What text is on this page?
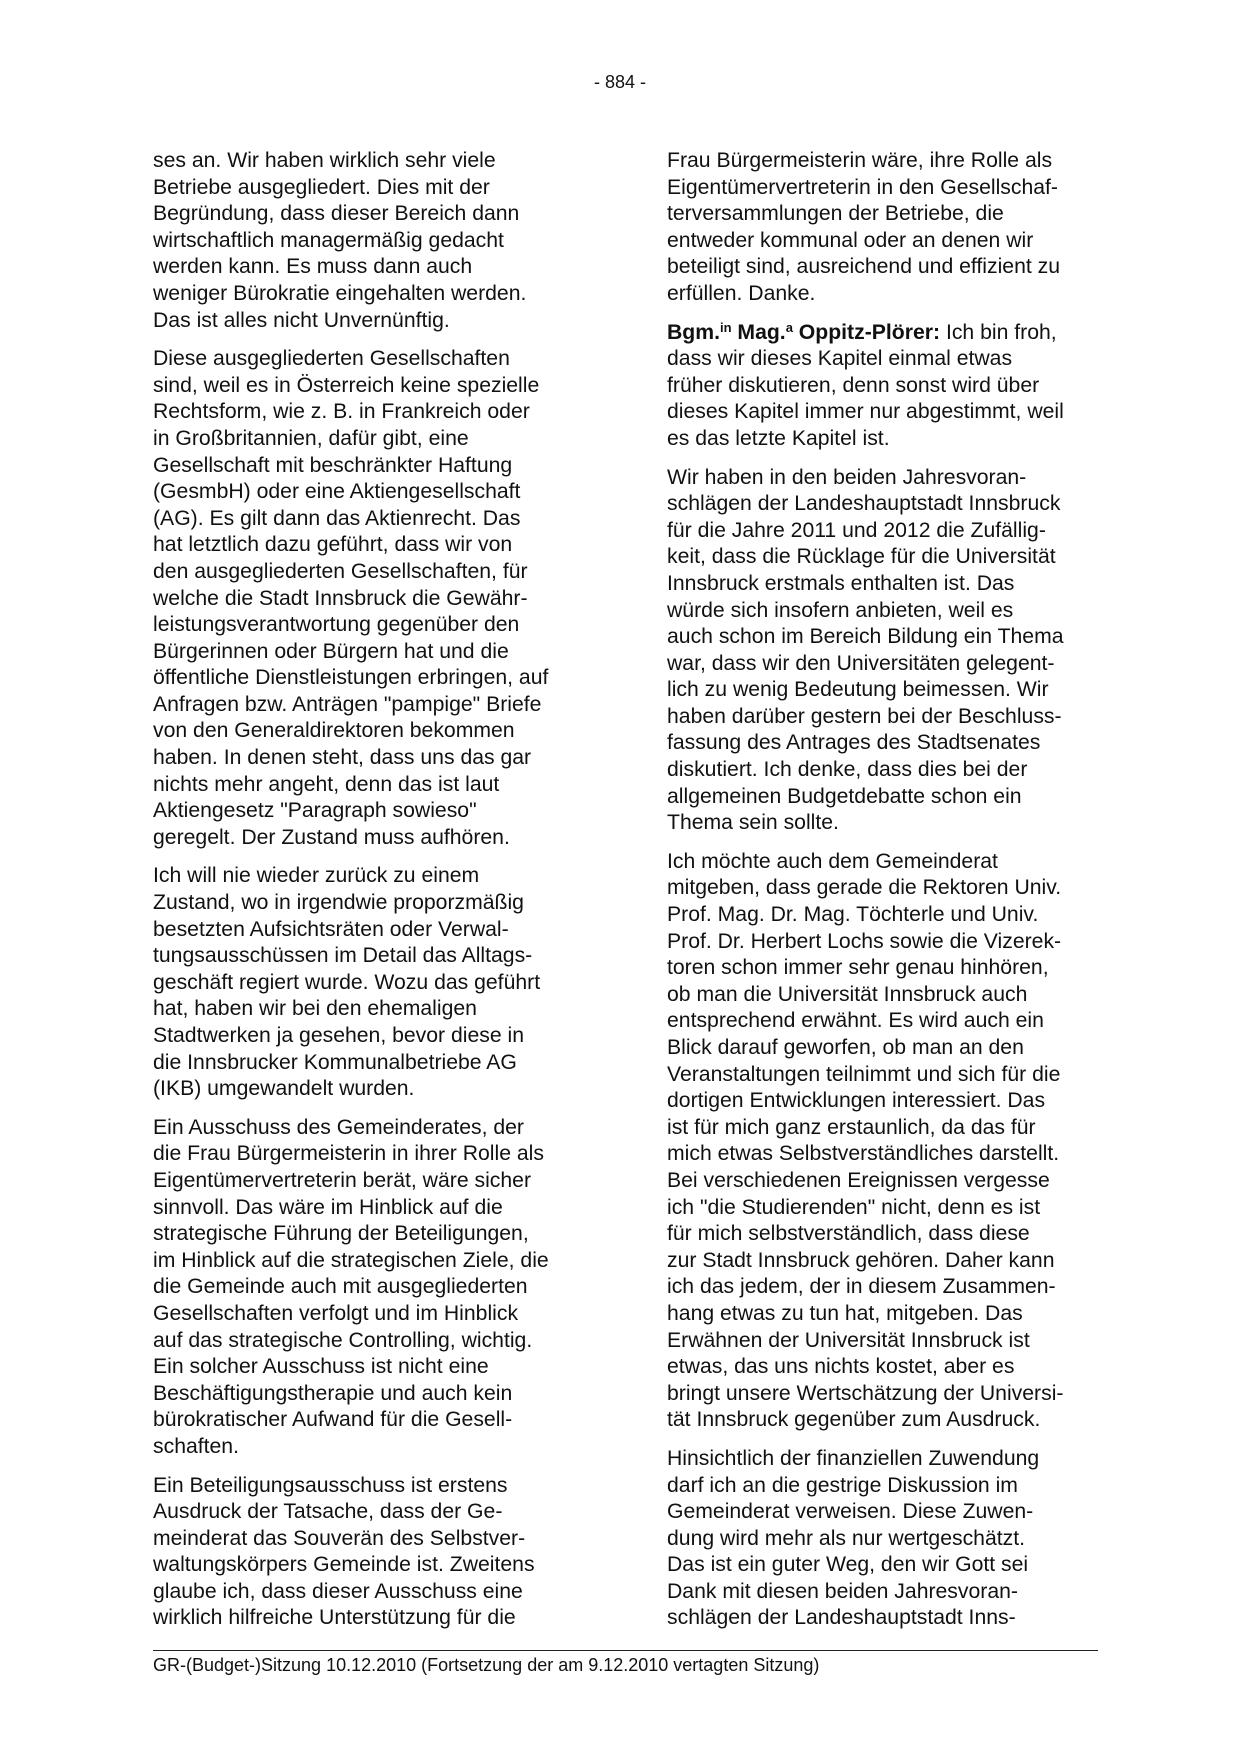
- 884 -

ses an. Wir haben wirklich sehr viele
Betriebe ausgegliedert. Dies mit der
Begründung, dass dieser Bereich dann
wirtschaftlich managermäßig gedacht
werden kann. Es muss dann auch
weniger Bürokratie eingehalten werden.
Das ist alles nicht Unvernünftig.

Diese ausgegliederten Gesellschaften
sind, weil es in Österreich keine spezielle
Rechtsform, wie z. B. in Frankreich oder
in Großbritannien, dafür gibt, eine
Gesellschaft mit beschränkter Haftung
(GesmbH) oder eine Aktiengesellschaft
(AG). Es gilt dann das Aktienrecht. Das
hat letztlich dazu geführt, dass wir von
den ausgegliederten Gesellschaften, für
welche die Stadt Innsbruck die Gewähr-
leistungsverantwortung gegenüber den
Bürgerinnen oder Bürgern hat und die
öffentliche Dienstleistungen erbringen, auf
Anfragen bzw. Anträgen "pampige" Briefe
von den Generaldirektoren bekommen
haben. In denen steht, dass uns das gar
nichts mehr angeht, denn das ist laut
Aktiengesetz "Paragraph sowieso"
geregelt. Der Zustand muss aufhören.

Ich will nie wieder zurück zu einem
Zustand, wo in irgendwie proporzmäßig
besetzten Aufsichtsräten oder Verwal-
tungsausschüssen im Detail das Alltags-
geschäft regiert wurde. Wozu das geführt
hat, haben wir bei den ehemaligen
Stadtwerken ja gesehen, bevor diese in
die Innsbrucker Kommunalbetriebe AG
(IKB) umgewandelt wurden.

Ein Ausschuss des Gemeinderates, der
die Frau Bürgermeisterin in ihrer Rolle als
Eigentümervertreterin berät, wäre sicher
sinnvoll. Das wäre im Hinblick auf die
strategische Führung der Beteiligungen,
im Hinblick auf die strategischen Ziele, die
die Gemeinde auch mit ausgegliederten
Gesellschaften verfolgt und im Hinblick
auf das strategische Controlling, wichtig.
Ein solcher Ausschuss ist nicht eine
Beschäftigungstherapie und auch kein
bürokratischer Aufwand für die Gesell-
schaften.

Ein Beteiligungsausschuss ist erstens
Ausdruck der Tatsache, dass der Ge-
meinderat das Souverän des Selbstver-
waltungskörpers Gemeinde ist. Zweitens
glaube ich, dass dieser Ausschuss eine
wirklich hilfreiche Unterstützung für die

Frau Bürgermeisterin wäre, ihre Rolle als
Eigentümervertreterin in den Gesellschaf-
terversammlungen der Betriebe, die
entweder kommunal oder an denen wir
beteiligt sind, ausreichend und effizient zu
erfüllen. Danke.

Bgm.$^{in}$ Mag.$^a$ Oppitz-Plörer: Ich bin froh,
dass wir dieses Kapitel einmal etwas
früher diskutieren, denn sonst wird über
dieses Kapitel immer nur abgestimmt, weil
es das letzte Kapitel ist.

Wir haben in den beiden Jahresvoran-
schlägen der Landeshauptstadt Innsbruck
für die Jahre 2011 und 2012 die Zufällig-
keit, dass die Rücklage für die Universität
Innsbruck erstmals enthalten ist. Das
würde sich insofern anbieten, weil es
auch schon im Bereich Bildung ein Thema
war, dass wir den Universitäten gelegent-
lich zu wenig Bedeutung beimessen. Wir
haben darüber gestern bei der Beschluss-
fassung des Antrages des Stadtsenates
diskutiert. Ich denke, dass dies bei der
allgemeinen Budgetdebatte schon ein
Thema sein sollte.

Ich möchte auch dem Gemeinderat
mitgeben, dass gerade die Rektoren Univ.
Prof. Mag. Dr. Mag. Töchterle und Univ.
Prof. Dr. Herbert Lochs sowie die Vizerek-
toren schon immer sehr genau hinhören,
ob man die Universität Innsbruck auch
entsprechend erwähnt. Es wird auch ein
Blick darauf geworfen, ob man an den
Veranstaltungen teilnimmt und sich für die
dortigen Entwicklungen interessiert. Das
ist für mich ganz erstaunlich, da das für
mich etwas Selbstverständliches darstellt.
Bei verschiedenen Ereignissen vergesse
ich "die Studierenden" nicht, denn es ist
für mich selbstverständlich, dass diese
zur Stadt Innsbruck gehören. Daher kann
ich das jedem, der in diesem Zusammen-
hang etwas zu tun hat, mitgeben. Das
Erwähnen der Universität Innsbruck ist
etwas, das uns nichts kostet, aber es
bringt unsere Wertschätzung der Universi-
tät Innsbruck gegenüber zum Ausdruck.

Hinsichtlich der finanziellen Zuwendung
darf ich an die gestrige Diskussion im
Gemeinderat verweisen. Diese Zuwen-
dung wird mehr als nur wertgeschätzt.
Das ist ein guter Weg, den wir Gott sei
Dank mit diesen beiden Jahresvoran-
schlägen der Landeshauptstadt Inns-

GR-(Budget-)Sitzung 10.12.2010 (Fortsetzung der am 9.12.2010 vertagten Sitzung)
